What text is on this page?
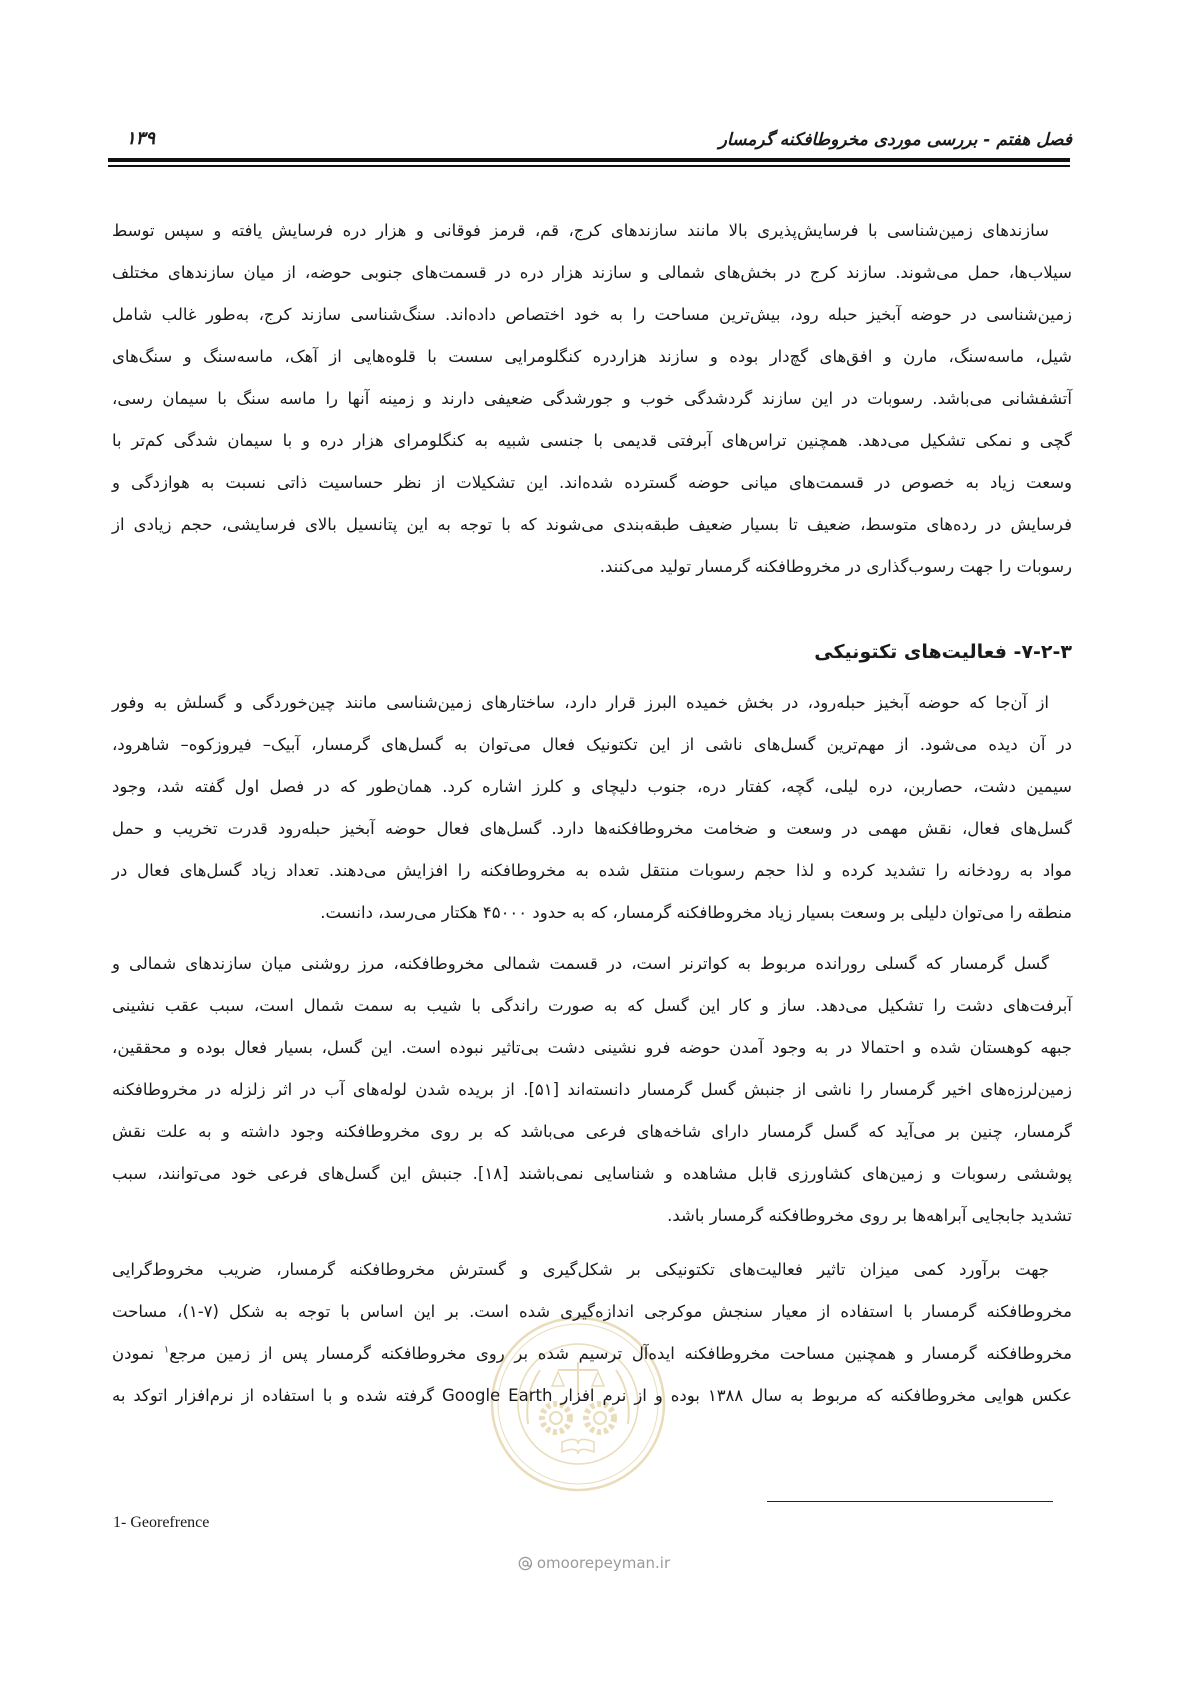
فصل هفتم - بررسی موردی مخروطافکنه گرمسار
۱۳۹
سازندهای زمین‌شناسی با فرسایش‌پذیری بالا مانند سازندهای کرج، قم، قرمز فوقانی و هزار دره فرسایش یافته و سپس توسط
سیلاب‌ها، حمل می‌شوند. سازند کرج در بخش‌های شمالی و سازند هزار دره در قسمت‌های جنوبی حوضه، از میان سازندهای مختلف
زمین‌شناسی در حوضه آبخیز حبله رود، بیش‌ترین مساحت را به خود اختصاص داده‌اند. سنگ‌شناسی سازند کرج، به‌طور غالب شامل
شیل، ماسه‌سنگ، مارن و افق‌های گچ‌دار بوده و سازند هزاردره کنگلومرایی سست با قلوه‌هایی از آهک، ماسه‌سنگ و سنگ‌های
آتشفشانی می‌باشد. رسوبات در این سازند گردشدگی خوب و جورشدگی ضعیفی دارند و زمینه آنها را ماسه سنگ با سیمان رسی،
گچی و نمکی تشکیل می‌دهد. همچنین تراس‌های آبرفتی قدیمی با جنسی شبیه به کنگلومرای هزار دره و با سیمان شدگی کم‌تر با
وسعت زیاد به خصوص در قسمت‌های میانی حوضه گسترده شده‌اند. این تشکیلات از نظر حساسیت ذاتی نسبت به هوازدگی و
فرسایش در رده‌های متوسط، ضعیف تا بسیار ضعیف طبقه‌بندی می‌شوند که با توجه به این پتانسیل بالای فرسایشی، حجم زیادی از
رسوبات را جهت رسوب‌گذاری در مخروطافکنه گرمسار تولید می‌کنند.
۷-۲-۳- فعالیت‌های تکتونیکی
از آن‌جا که حوضه آبخیز حبله‌رود، در بخش خمیده البرز قرار دارد، ساختارهای زمین‌شناسی مانند چین‌خوردگی و گسلش به وفور
در آن دیده می‌شود. از مهم‌ترین گسل‌های ناشی از این تکتونیک فعال می‌توان به گسل‌های گرمسار، آبیک– فیروزکوه– شاهرود،
سیمین دشت، حصاربن، دره لیلی، گچه، کفتار دره، جنوب دلیچای و کلرز اشاره کرد. همان‌طور که در فصل اول گفته شد، وجود
گسل‌های فعال، نقش مهمی در وسعت و ضخامت مخروطافکنه‌ها دارد. گسل‌های فعال حوضه آبخیز حبله‌رود قدرت تخریب و حمل
مواد به رودخانه را تشدید کرده و لذا حجم رسوبات منتقل شده به مخروطافکنه را افزایش می‌دهند. تعداد زیاد گسل‌های فعال در
منطقه را می‌توان دلیلی بر وسعت بسیار زیاد مخروطافکنه گرمسار، که به حدود ۴۵۰۰۰ هکتار می‌رسد، دانست.
گسل گرمسار که گسلی رورانده مربوط به کواترنر است، در قسمت شمالی مخروطافکنه، مرز روشنی میان سازندهای شمالی و
آبرفت‌های دشت را تشکیل می‌دهد. ساز و کار این گسل که به صورت راندگی با شیب به سمت شمال است، سبب عقب نشینی
جبهه کوهستان شده و احتمالا در به وجود آمدن حوضه فرو نشینی دشت بی‌تاثیر نبوده است. این گسل، بسیار فعال بوده و محققین،
زمین‌لرزه‌های اخیر گرمسار را ناشی از جنبش گسل گرمسار دانسته‌اند [۵۱]. از بریده شدن لوله‌های آب در اثر زلزله در مخروطافکنه
گرمسار، چنین بر می‌آید که گسل گرمسار دارای شاخه‌های فرعی می‌باشد که بر روی مخروطافکنه وجود داشته و به علت نقش
پوششی رسوبات و زمین‌های کشاورزی قابل مشاهده و شناسایی نمی‌باشند [۱۸]. جنبش این گسل‌های فرعی خود می‌توانند، سبب
تشدید جابجایی آبراهه‌ها بر روی مخروطافکنه گرمسار باشد.
جهت برآورد کمی میزان تاثیر فعالیت‌های تکتونیکی بر شکل‌گیری و گسترش مخروطافکنه گرمسار، ضریب مخروط‌گرایی
مخروطافکنه گرمسار با استفاده از معیار سنجش موکرجی اندازه‌گیری شده است. بر این اساس با توجه به شکل (۷-۱)، مساحت
مخروطافکنه گرمسار و همچنین مساحت مخروطافکنه ایده‌آل ترسیم شده بر روی مخروطافکنه گرمسار پس از زمین مرجع$^۱$ نمودن
عکس هوایی مخروطافکنه که مربوط به سال ۱۳۸۸ بوده و از نرم افزار Google Earth گرفته شده و با استفاده از نرم‌افزار اتوکد به
1- Georefrence
omoorepeyman.ir
